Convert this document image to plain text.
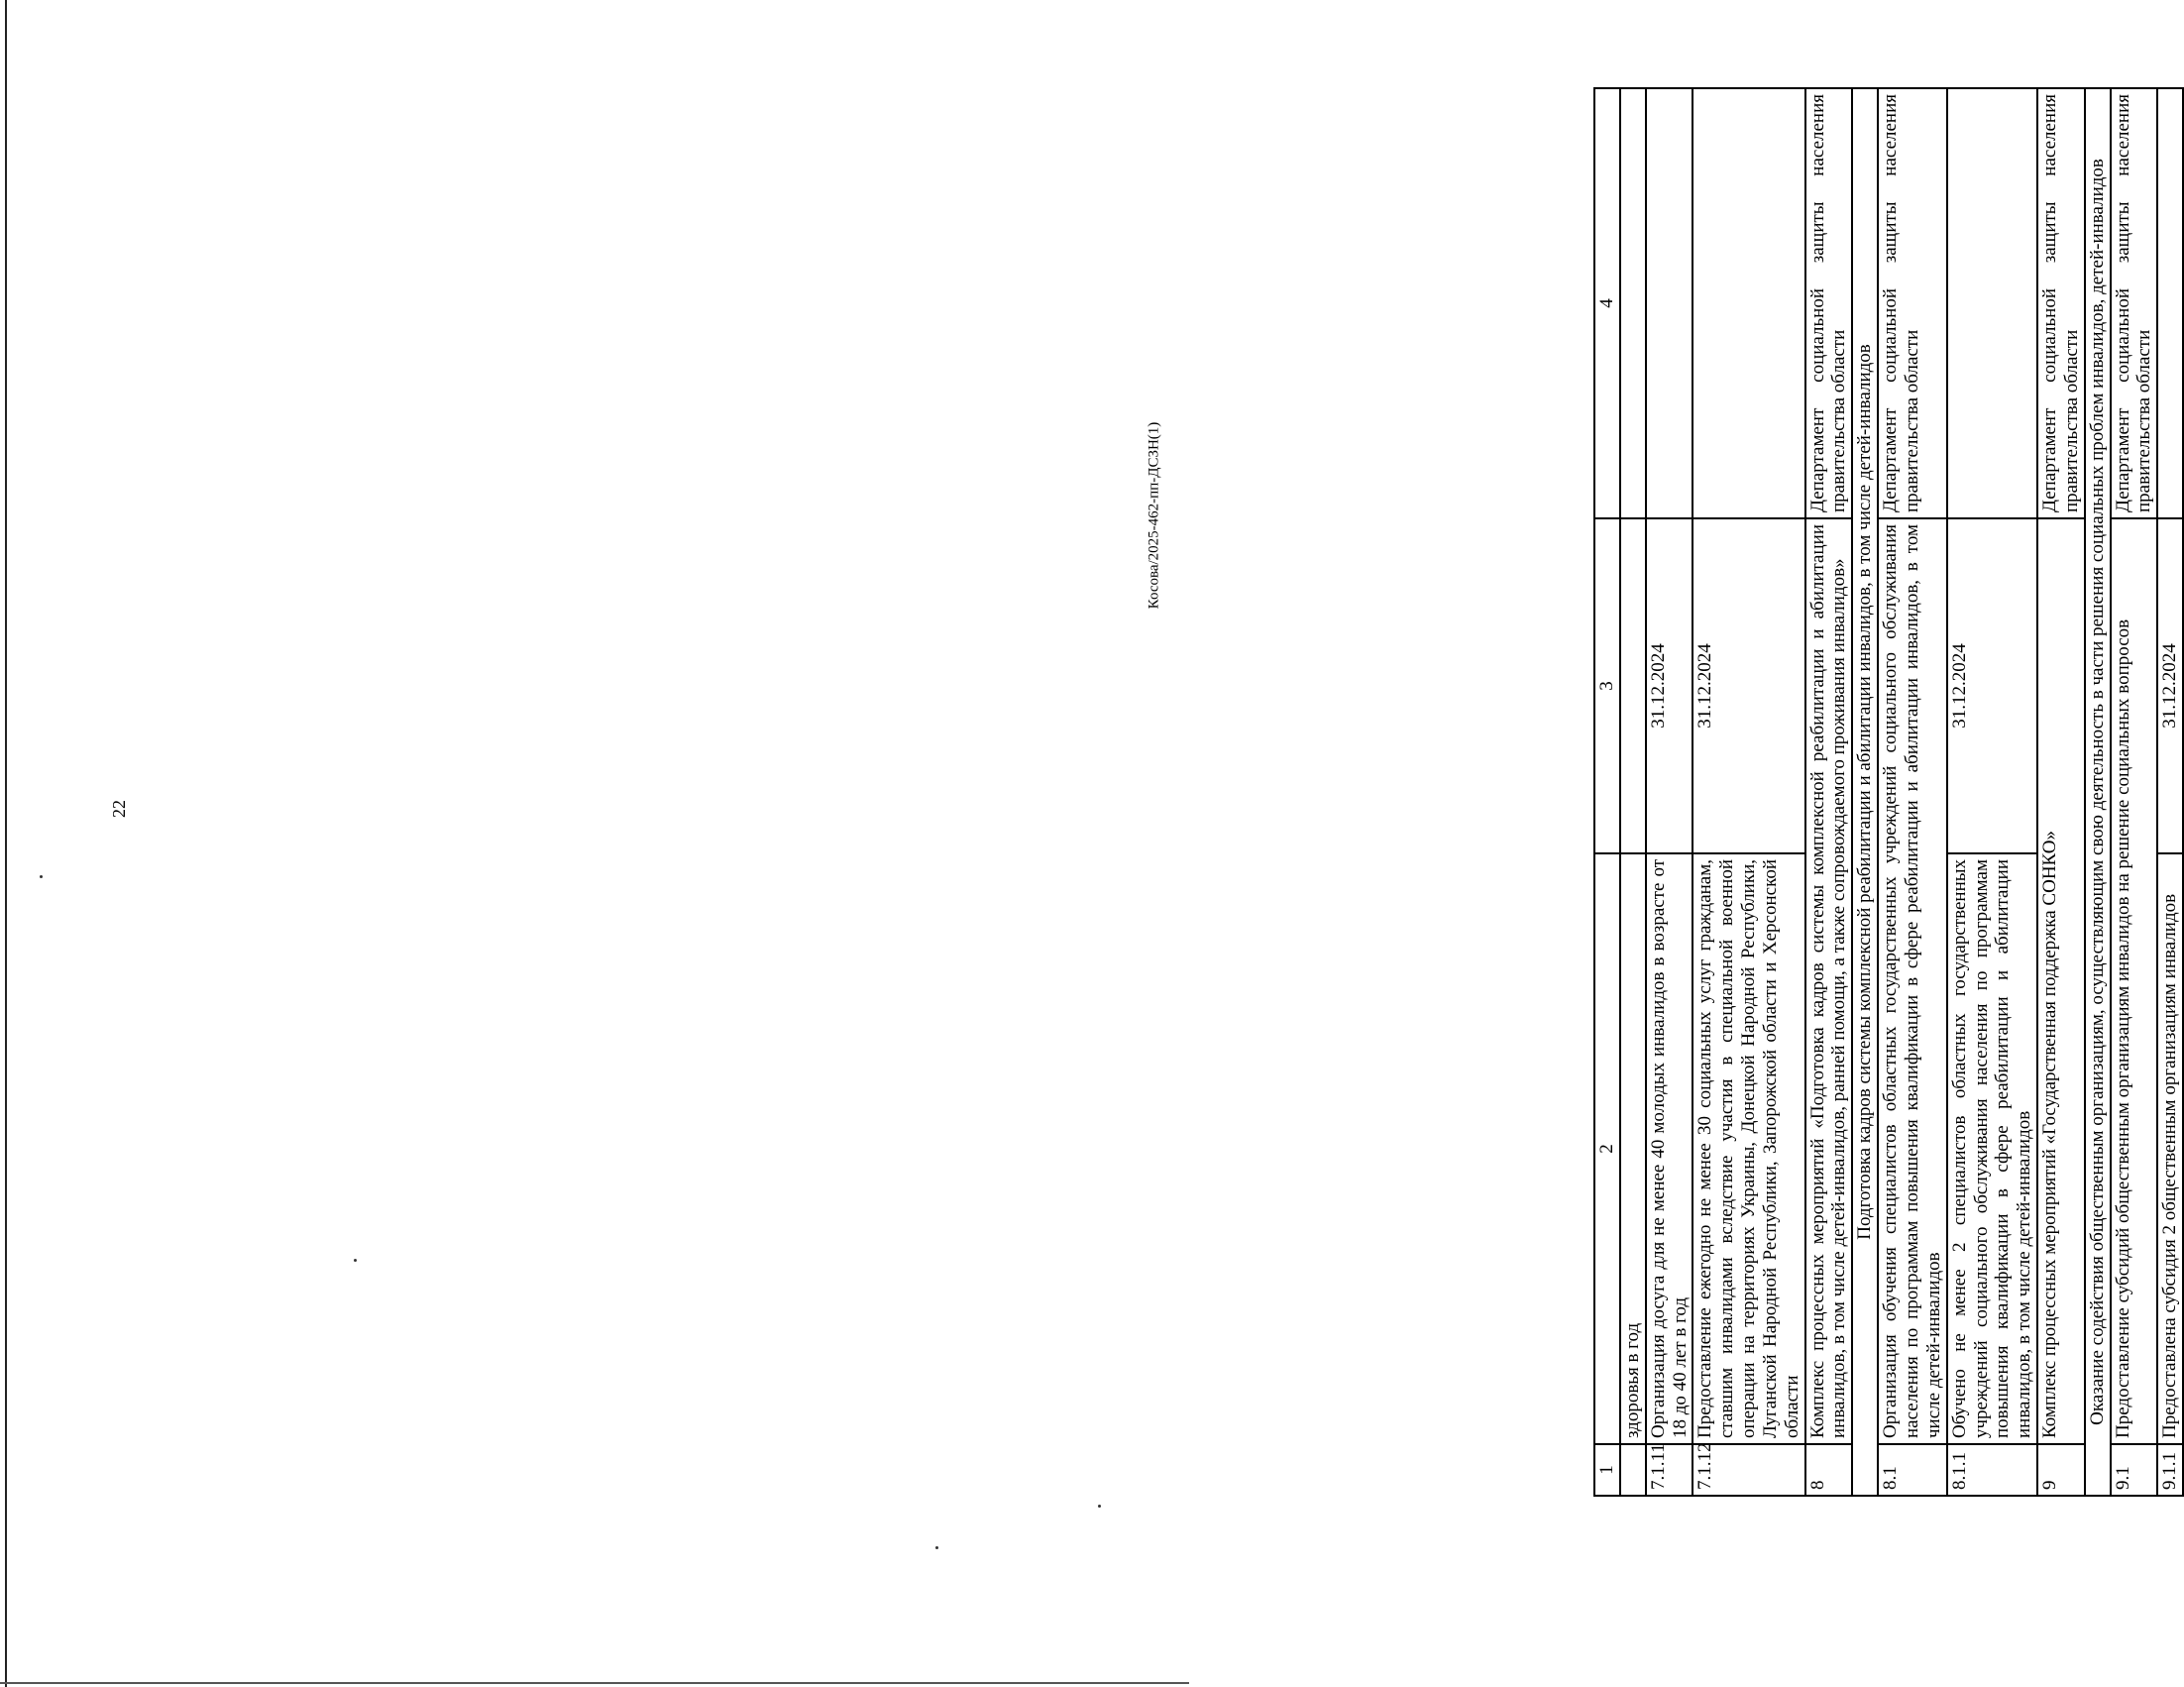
22
Косова/2025-462-пп-ДСЗН(1)
1	2	3	4
	здоровья в год		
7.1.11	Организация досуга для не менее 40 молодых инвалидов в возрасте от 18 до 40 лет в год	31.12.2024	
7.1.12	Предоставление ежегодно не менее 30 социальных услуг гражданам, ставшим инвалидами вследствие участия в специальной военной операции на территориях Украины, Донецкой Народной Республики, Луганской Народной Республики, Запорожской области и Херсонской области	31.12.2024	
8	Комплекс процессных мероприятий «Подготовка кадров системы комплексной реабилитации и абилитации инвалидов, в том числе детей-инвалидов, ранней помощи, а также сопровождаемого проживания инвалидов»		Департамент социальной защиты населения правительства области
Подготовка кадров системы комплексной реабилитации и абилитации инвалидов, в том числе детей-инвалидов			
8.1	Организация обучения специалистов областных государственных учреждений социального обслуживания населения по программам повышения квалификации в сфере реабилитации и абилитации инвалидов, в том числе детей-инвалидов		Департамент социальной защиты населения правительства области
8.1.1	Обучено не менее 2 специалистов областных государственных учреждений социального обслуживания населения по программам повышения квалификации в сфере реабилитации и абилитации инвалидов, в том числе детей-инвалидов	31.12.2024	
9	Комплекс процессных мероприятий «Государственная поддержка СОНКО»		Департамент социальной защиты населения правительства области
Оказание содействия общественным организациям, осуществляющим свою деятельность в части решения социальных проблем инвалидов, детей-инвалидов			
9.1	Предоставление субсидий общественным организациям инвалидов на решение социальных вопросов		Департамент социальной защиты населения правительства области
9.1.1	Предоставлена субсидия 2 общественным организациям инвалидов	31.12.2024	
